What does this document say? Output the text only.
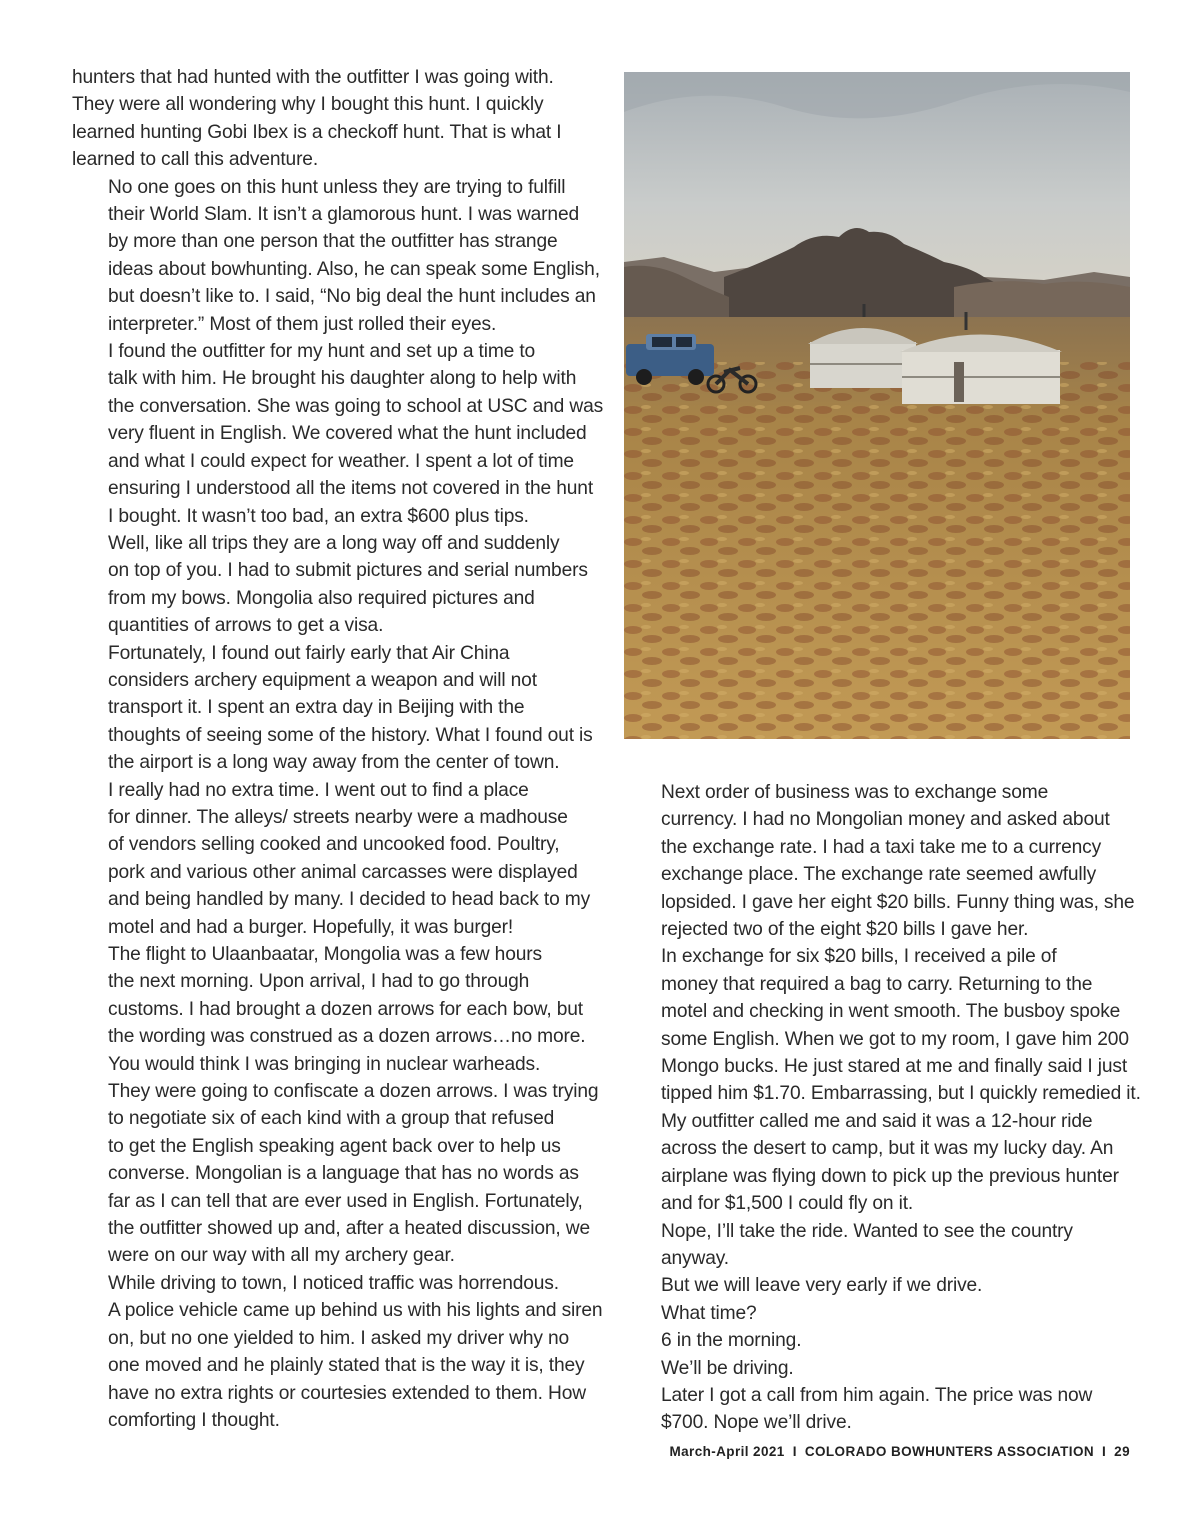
hunters that had hunted with the outfitter I was going with.
They were all wondering why I bought this hunt. I quickly
learned hunting Gobi Ibex is a checkoff hunt. That is what I
learned to call this adventure.

No one goes on this hunt unless they are trying to fulfill
their World Slam. It isn’t a glamorous hunt. I was warned
by more than one person that the outfitter has strange
ideas about bowhunting. Also, he can speak some English,
but doesn’t like to. I said, “No big deal the hunt includes an
interpreter.” Most of them just rolled their eyes.

I found the outfitter for my hunt and set up a time to
talk with him. He brought his daughter along to help with
the conversation. She was going to school at USC and was
very fluent in English. We covered what the hunt included
and what I could expect for weather. I spent a lot of time
ensuring I understood all the items not covered in the hunt
I bought. It wasn’t too bad, an extra $600 plus tips.

Well, like all trips they are a long way off and suddenly
on top of you. I had to submit pictures and serial numbers
from my bows. Mongolia also required pictures and
quantities of arrows to get a visa.

Fortunately, I found out fairly early that Air China
considers archery equipment a weapon and will not
transport it. I spent an extra day in Beijing with the
thoughts of seeing some of the history. What I found out is
the airport is a long way away from the center of town.

I really had no extra time. I went out to find a place
for dinner. The alleys/ streets nearby were a madhouse
of vendors selling cooked and uncooked food. Poultry,
pork and various other animal carcasses were displayed
and being handled by many. I decided to head back to my
motel and had a burger. Hopefully, it was burger!

The flight to Ulaanbaatar, Mongolia was a few hours
the next morning. Upon arrival, I had to go through
customs. I had brought a dozen arrows for each bow, but
the wording was construed as a dozen arrows…no more.

You would think I was bringing in nuclear warheads.
They were going to confiscate a dozen arrows. I was trying
to negotiate six of each kind with a group that refused
to get the English speaking agent back over to help us
converse. Mongolian is a language that has no words as
far as I can tell that are ever used in English. Fortunately,
the outfitter showed up and, after a heated discussion, we
were on our way with all my archery gear.

While driving to town, I noticed traffic was horrendous.
A police vehicle came up behind us with his lights and siren
on, but no one yielded to him. I asked my driver why no
one moved and he plainly stated that is the way it is, they
have no extra rights or courtesies extended to them. How
comforting I thought.

Next order of business was to exchange some
currency. I had no Mongolian money and asked about
the exchange rate. I had a taxi take me to a currency
exchange place. The exchange rate seemed awfully
lopsided. I gave her eight $20 bills. Funny thing was, she
rejected two of the eight $20 bills I gave her.

In exchange for six $20 bills, I received a pile of
money that required a bag to carry. Returning to the
motel and checking in went smooth. The busboy spoke
some English. When we got to my room, I gave him 200
Mongo bucks. He just stared at me and finally said I just
tipped him $1.70. Embarrassing, but I quickly remedied it.

My outfitter called me and said it was a 12-hour ride
across the desert to camp, but it was my lucky day. An
airplane was flying down to pick up the previous hunter
and for $1,500 I could fly on it.

Nope, I’ll take the ride. Wanted to see the country
anyway.

But we will leave very early if we drive.

What time?

6 in the morning.

We’ll be driving.

Later I got a call from him again. The price was now
$700. Nope we’ll drive.

March-April 2021 I COLORADO BOWHUNTERS ASSOCIATION I 29
